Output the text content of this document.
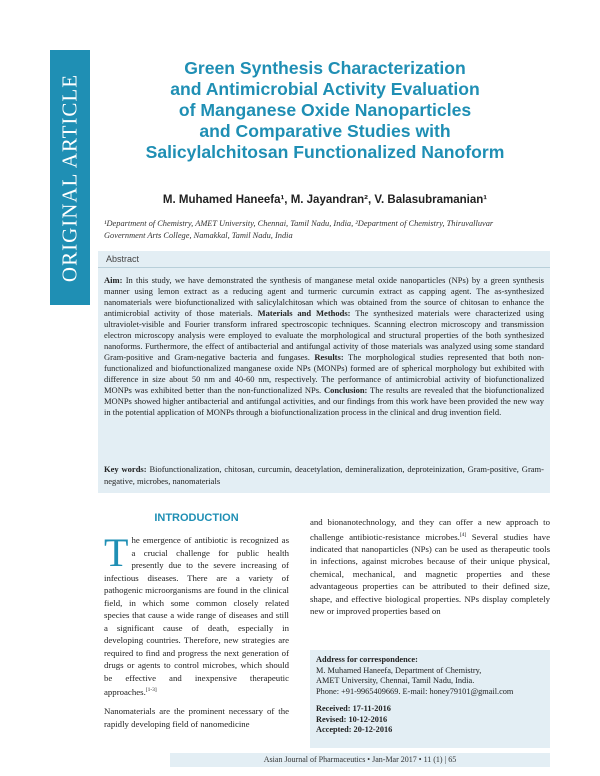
ORIGINAL ARTICLE
Green Synthesis Characterization
and Antimicrobial Activity Evaluation
of Manganese Oxide Nanoparticles
and Comparative Studies with
Salicylalchitosan Functionalized Nanoform
M. Muhamed Haneefa¹, M. Jayandran², V. Balasubramanian¹
¹Department of Chemistry, AMET University, Chennai, Tamil Nadu, India, ²Department of Chemistry, Thiruvalluvar Government Arts College, Namakkal, Tamil Nadu, India
Abstract

Aim: In this study, we have demonstrated the synthesis of manganese metal oxide nanoparticles (NPs) by a green synthesis manner using lemon extract as a reducing agent and turmeric curcumin extract as capping agent. The as-synthesized nanomaterials were biofunctionalized with salicylalchitosan which was obtained from the source of chitosan to enhance the antimicrobial activity of those materials. Materials and Methods: The synthesized materials were characterized using ultraviolet-visible and Fourier transform infrared spectroscopic techniques. Scanning electron microscopy and transmission electron microscopy analysis were employed to evaluate the morphological and structural properties of the both synthesized nanoforms. Furthermore, the effect of antibacterial and antifungal activity of those materials was analyzed using some standard Gram-positive and Gram-negative bacteria and fungases. Results: The morphological studies represented that both non-functionalized and biofunctionalized manganese oxide NPs (MONPs) formed are of spherical morphology but exhibited with difference in size about 50 nm and 40-60 nm, respectively. The performance of antimicrobial activity of biofunctionalized MONPs was exhibited better than the non-functionalized NPs. Conclusion: The results are revealed that the biofunctionalized MONPs showed higher antibacterial and antifungal activities, and our findings from this work have been provided the new way in the potential application of MONPs through a biofunctionalization process in the clinical and drug invention field.

Key words: Biofunctionalization, chitosan, curcumin, deacetylation, demineralization, deproteinization, Gram-positive, Gram-negative, microbes, nanomaterials

INTRODUCTION

The emergence of antibiotic is recognized as a crucial challenge for public health presently due to the severe increasing of infectious diseases. There are a variety of pathogenic microorganisms are found in the clinical field, in which some common closely related species that cause a wide range of diseases and still a significant cause of death, especially in developing countries. Therefore, new strategies are required to find and progress the next generation of drugs or agents to control microbes, which should be effective and inexpensive therapeutic approaches.[1-3]

Nanomaterials are the prominent necessary of the rapidly developing field of nanomedicine

and bionanotechnology, and they can offer a new approach to challenge antibiotic-resistance microbes.[4] Several studies have indicated that nanoparticles (NPs) can be used as therapeutic tools in infections, against microbes because of their unique physical, chemical, mechanical, and magnetic properties and these advantageous properties can be attributed to their defined size, shape, and effective biological properties. NPs display completely new or improved properties based on

Address for correspondence:
M. Muhamed Haneefa, Department of Chemistry,
AMET University, Chennai, Tamil Nadu, India.
Phone: +91-9965409669. E-mail: honey79101@gmail.com
Received: 17-11-2016
Revised: 10-12-2016
Accepted: 20-12-2016
Asian Journal of Pharmaceutics • Jan-Mar 2017 • 11 (1) | 65
